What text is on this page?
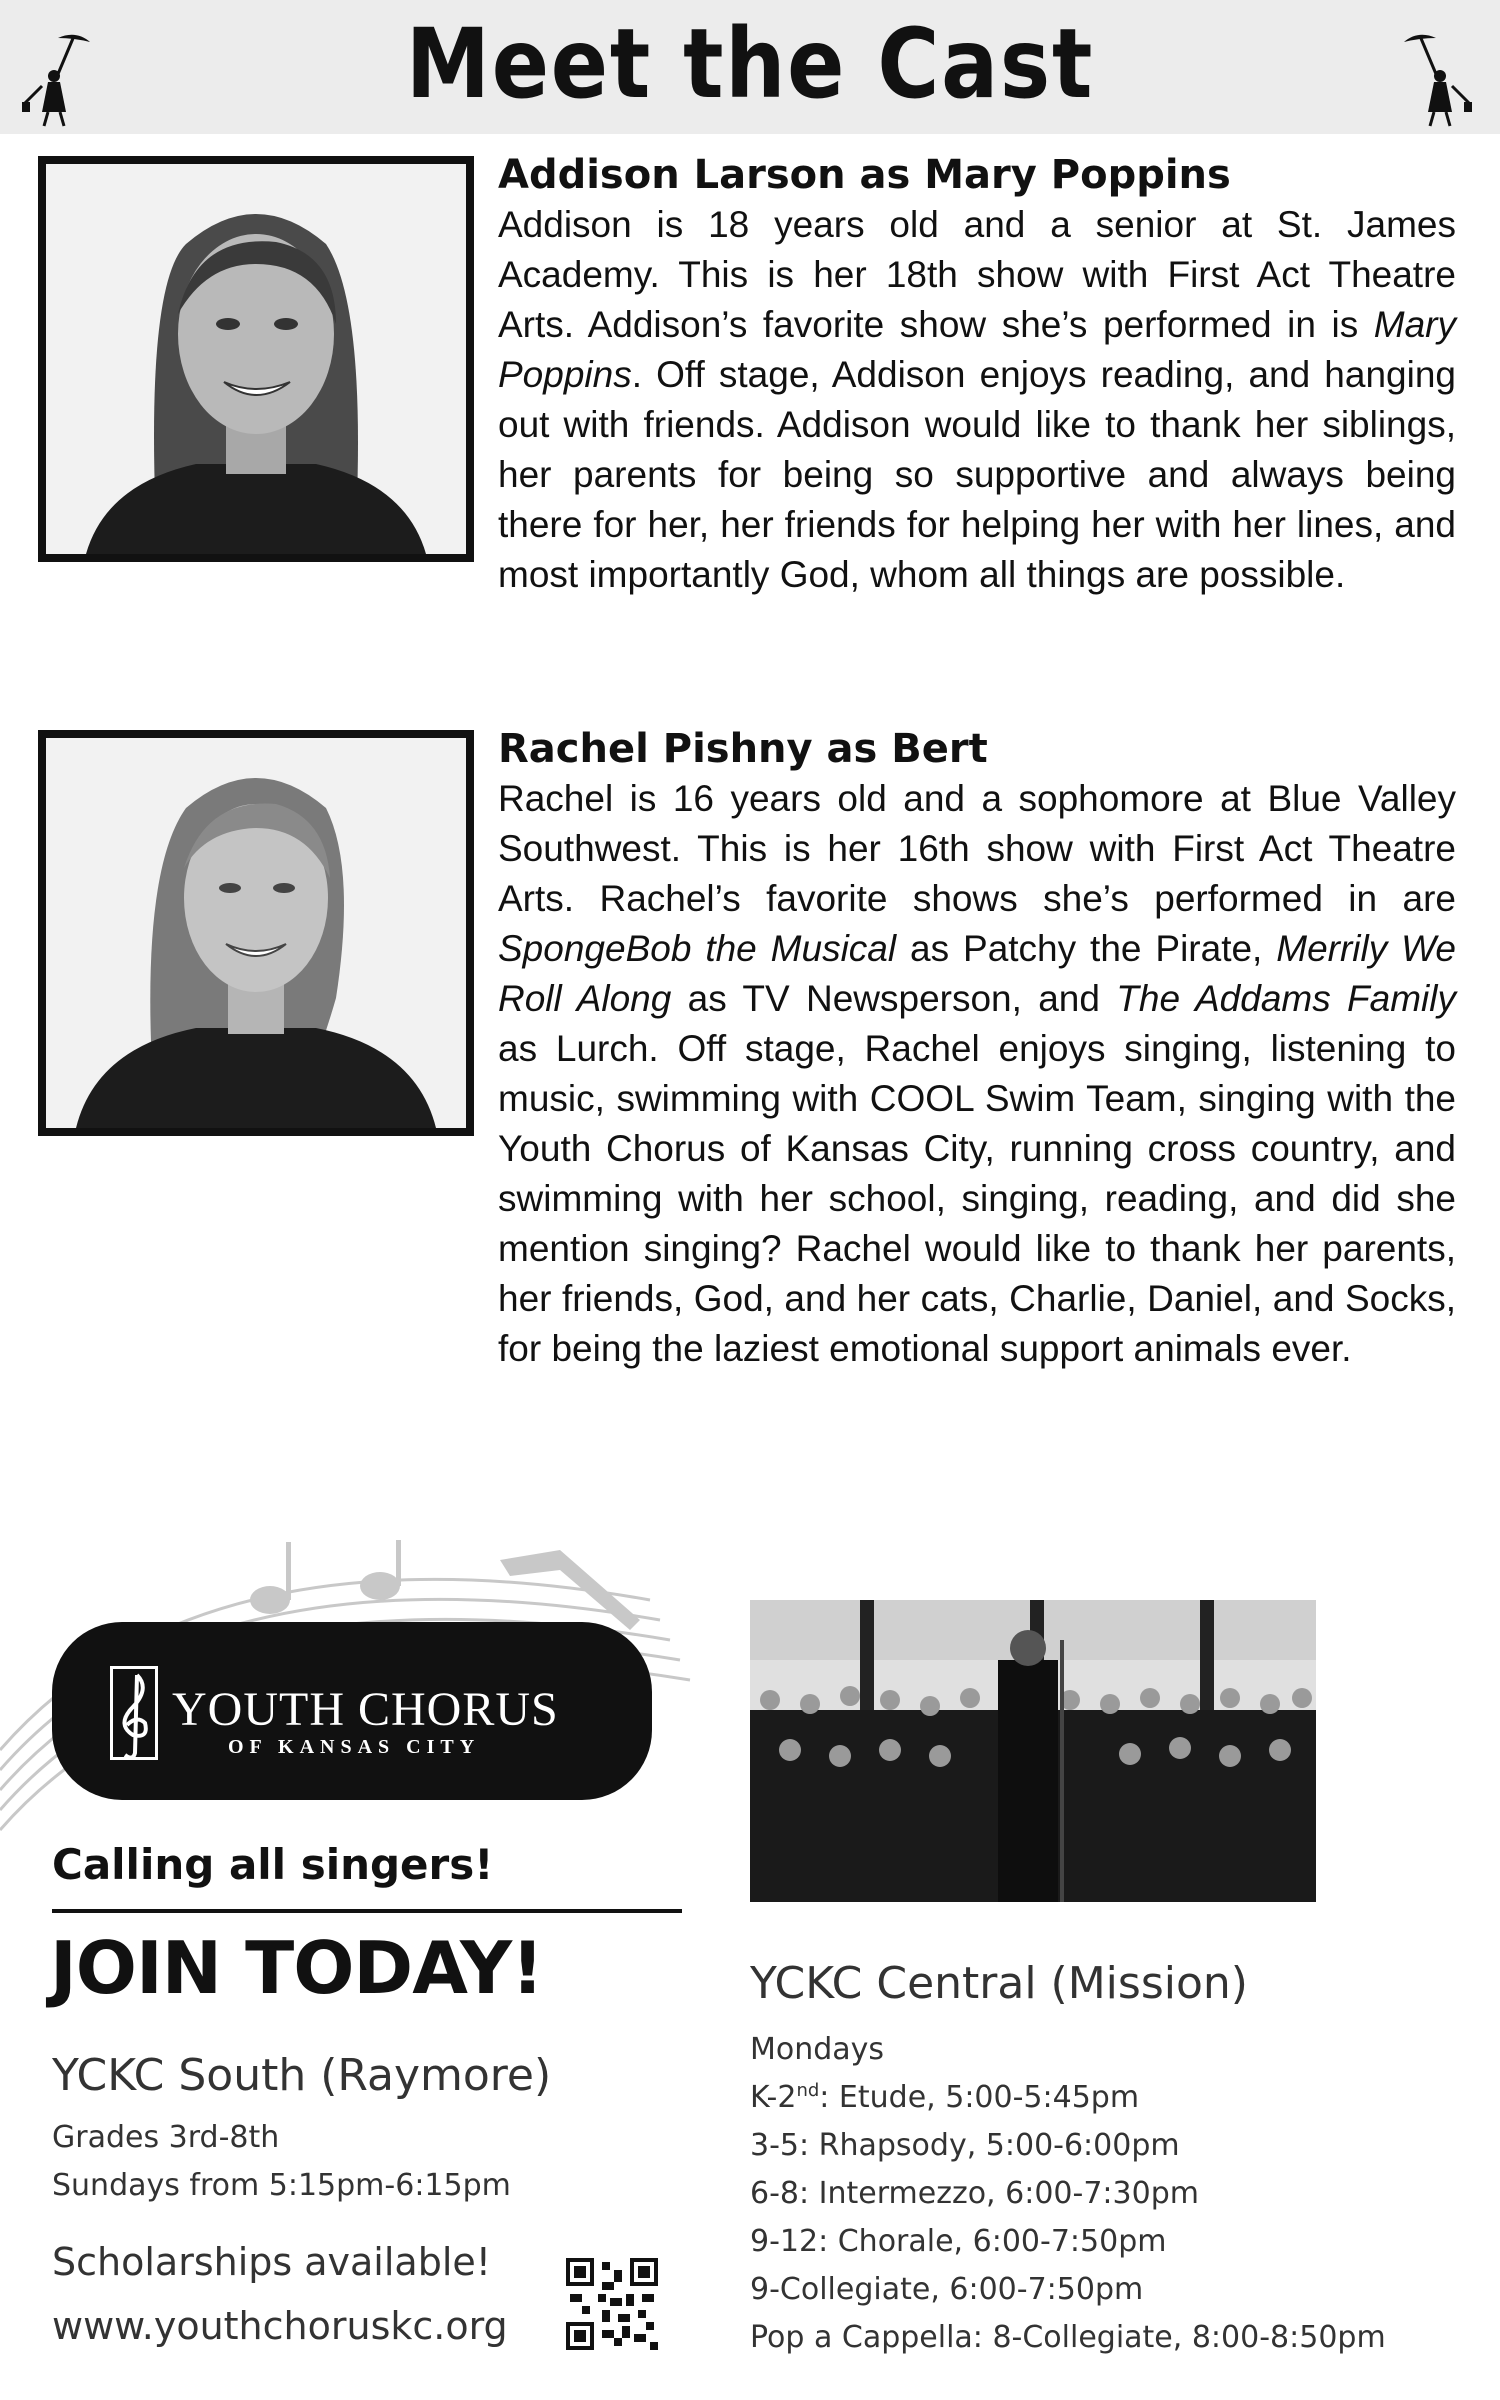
Meet the Cast
Addison Larson as Mary Poppins

Addison is 18 years old and a senior at St. James Academy. This is her 18th show with First Act Theatre Arts. Addison’s favorite show she’s performed in is Mary Poppins. Off stage, Addison enjoys reading, and hanging out with friends. Addison would like to thank her siblings, her parents for being so supportive and always being there for her, her friends for helping her with her lines, and most importantly God, whom all things are possible.

Rachel Pishny as Bert

Rachel is 16 years old and a sophomore at Blue Valley Southwest. This is her 16th show with First Act Theatre Arts. Rachel’s favorite shows she’s performed in are SpongeBob the Musical as Patchy the Pirate, Merrily We Roll Along as TV Newsperson, and The Addams Family as Lurch. Off stage, Rachel enjoys singing, listening to music, swimming with COOL Swim Team, singing with the Youth Chorus of Kansas City, running cross country, and swimming with her school, singing, reading, and did she mention singing? Rachel would like to thank her parents, her friends, God, and her cats, Charlie, Daniel, and Socks, for being the laziest emotional support animals ever.

YOUTH CHORUS
OF KANSAS CITY
Calling all singers!
JOIN TODAY!
YCKC South (Raymore)
Grades 3rd-8th
Sundays from 5:15pm-6:15pm
Scholarships available!
www.youthchoruskc.org
YCKC Central (Mission)
Mondays
K-2nd: Etude, 5:00-5:45pm
3-5: Rhapsody, 5:00-6:00pm
6-8: Intermezzo, 6:00-7:30pm
9-12: Chorale, 6:00-7:50pm
9-Collegiate, 6:00-7:50pm
Pop a Cappella: 8-Collegiate, 8:00-8:50pm
